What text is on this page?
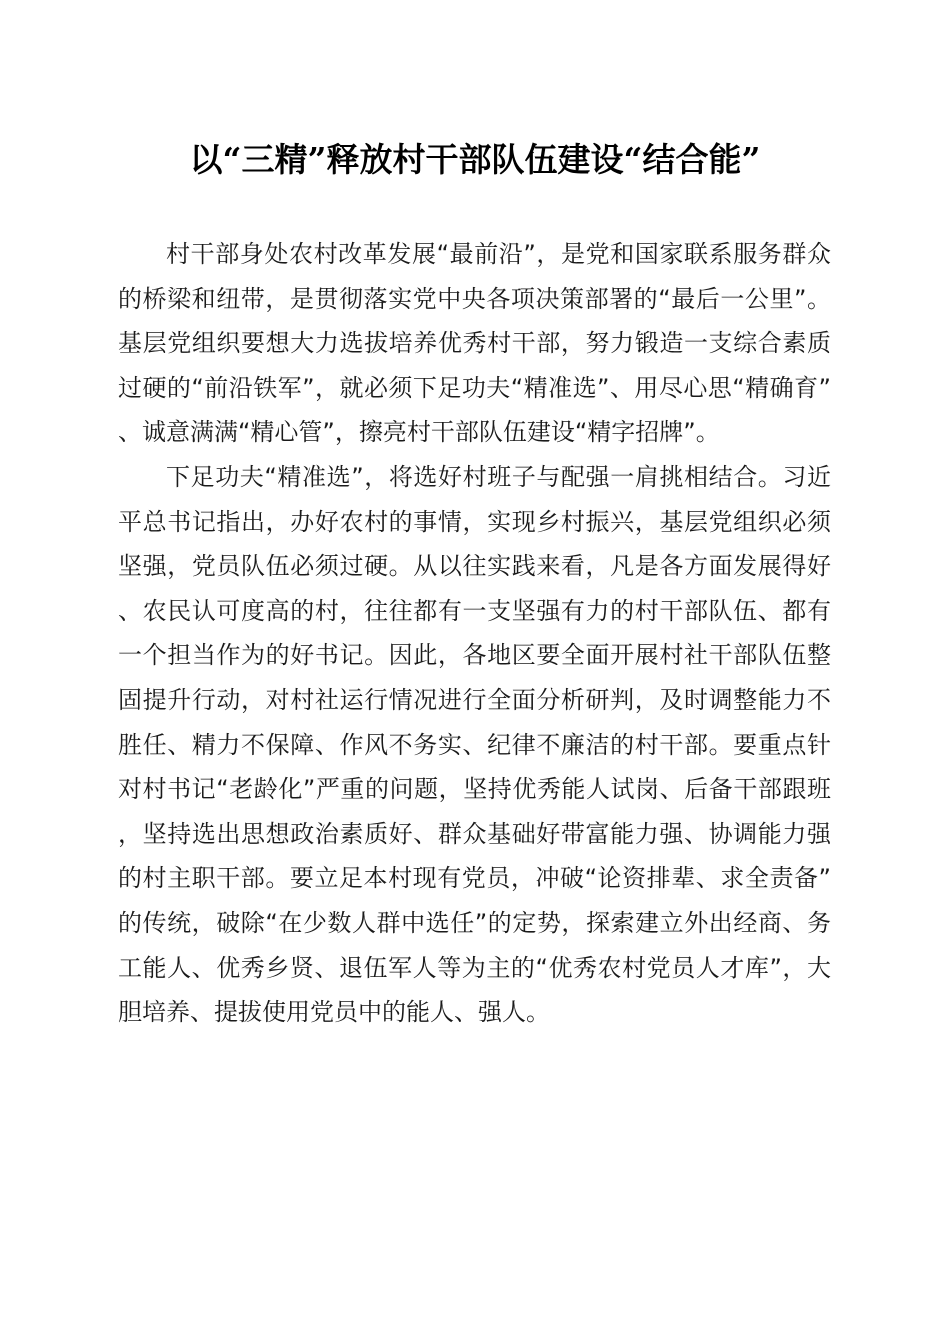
以“三精”释放村干部队伍建设“结合能”

村干部身处农村改革发展“最前沿”，是党和国家联系服务群众的桥梁和纽带，是贯彻落实党中央各项决策部署的“最后一公里”。基层党组织要想大力选拔培养优秀村干部，努力锻造一支综合素质过硬的“前沿铁军”，就必须下足功夫“精准选”、用尽心思“精确育”、诚意满满“精心管”，擦亮村干部队伍建设“精字招牌”。

下足功夫“精准选”，将选好村班子与配强一肩挑相结合。习近平总书记指出，办好农村的事情，实现乡村振兴，基层党组织必须坚强，党员队伍必须过硬。从以往实践来看，凡是各方面发展得好、农民认可度高的村，往往都有一支坚强有力的村干部队伍、都有一个担当作为的好书记。因此，各地区要全面开展村社干部队伍整固提升行动，对村社运行情况进行全面分析研判，及时调整能力不胜任、精力不保障、作风不务实、纪律不廉洁的村干部。要重点针对村书记“老龄化”严重的问题，坚持优秀能人试岗、后备干部跟班，坚持选出思想政治素质好、群众基础好带富能力强、协调能力强的村主职干部。要立足本村现有党员，冲破“论资排辈、求全责备”的传统，破除“在少数人群中选任”的定势，探索建立外出经商、务工能人、优秀乡贤、退伍军人等为主的“优秀农村党员人才库”，大胆培养、提拔使用党员中的能人、强人。
